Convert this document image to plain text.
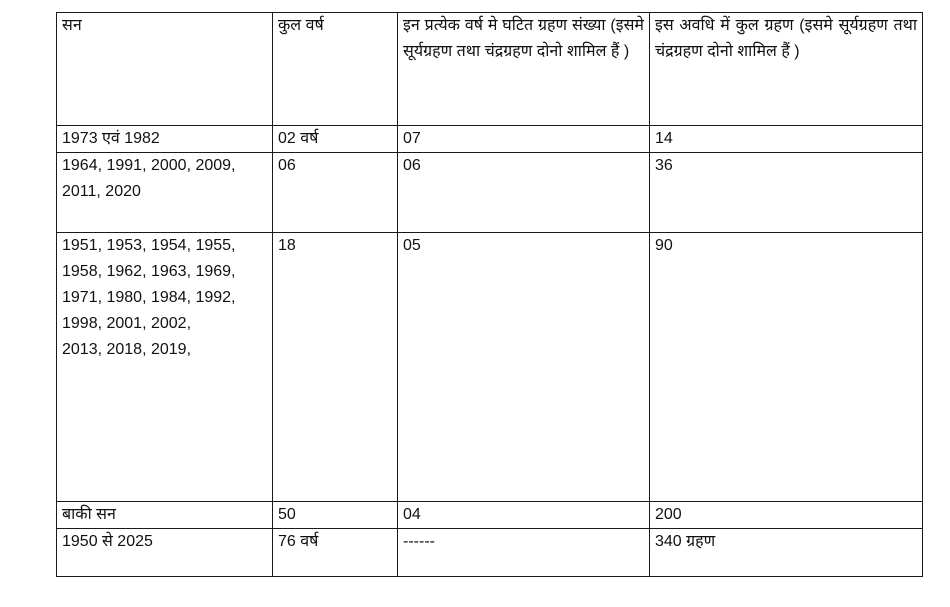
सन	कुल वर्ष	इन प्रत्येक वर्ष मे घटित ग्रहण संख्या (इसमे सूर्यग्रहण तथा चंद्रग्रहण दोनो शामिल हैं )	इस अवधि में कुल ग्रहण (इसमे सूर्यग्रहण तथा चंद्रग्रहण दोनो शामिल हैं )

1973 एवं 1982	02 वर्ष	07	14

1964, 1991, 2000, 2009,
2011, 2020	06	06	36

1951, 1953, 1954, 1955,
1958, 1962, 1963, 1969,
1971, 1980, 1984, 1992,
1998, 2001, 2002,
2013, 2018, 2019,	18	05	90

बाकी सन	50	04	200

1950 से 2025	76 वर्ष	------	340 ग्रहण
